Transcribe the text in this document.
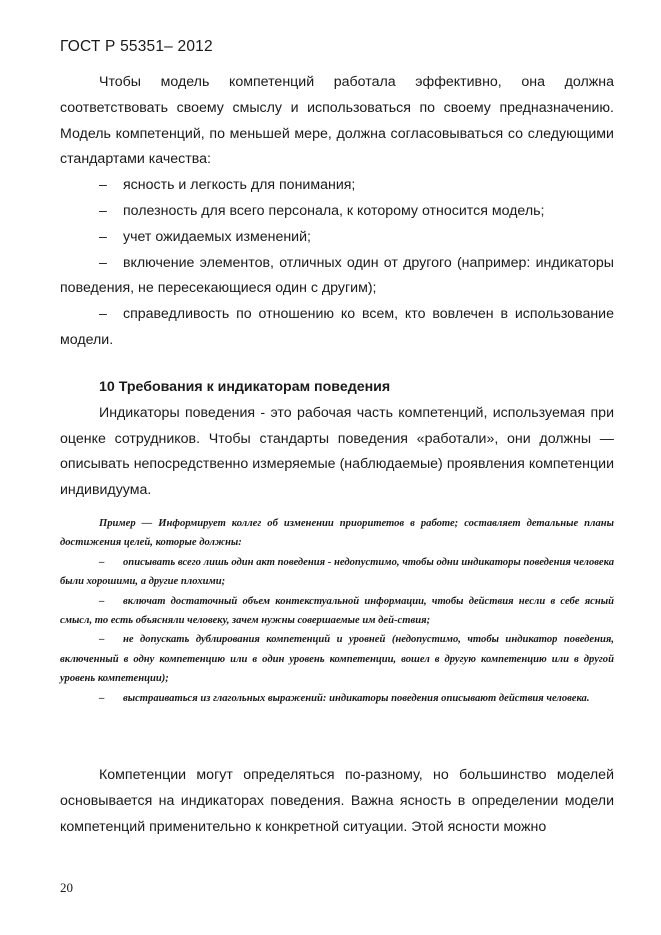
ГОСТ Р 55351– 2012

Чтобы модель компетенций работала эффективно, она должна соответствовать своему смыслу и использоваться по своему предназначению. Модель компетенций, по меньшей мере, должна согласовываться со следующими стандартами качества:

–	ясность и легкость для понимания;
–	полезность для всего персонала, к которому относится модель;
–	учет ожидаемых изменений;

– включение элементов, отличных один от другого (например: индикаторы поведения, не пересекающиеся один с другим);

– справедливость по отношению ко всем, кто вовлечен в использование модели.

10 Требования к индикаторам поведения

Индикаторы поведения - это рабочая часть компетенций, используемая при оценке сотрудников. Чтобы стандарты поведения «работали», они должны — описывать непосредственно измеряемые (наблюдаемые) проявления компетенции индивидуума.

Пример — Информирует коллег об изменении приоритетов в работе; составляет детальные планы достижения целей, которые должны:

– описывать всего лишь один акт поведения - недопустимо, чтобы одни индикаторы поведения человека были хорошими, а другие плохими;

– включат достаточный объем контекстуальной информации, чтобы действия несли в себе ясный смысл, то есть объясняли человеку, зачем нужны совершаемые им дей-ствия;

– не допускать дублирования компетенций и уровней (недопустимо, чтобы индикатор поведения, включенный в одну компетенцию или в один уровень компетенции, вошел в другую компетенцию или в другой уровень компетенции);

– выстраиваться из глагольных выражений: индикаторы поведения описывают действия человека.

Компетенции могут определяться по-разному, но большинство моделей основывается на индикаторах поведения. Важна ясность в определении модели компетенций применительно к конкретной ситуации. Этой ясности можно

20
